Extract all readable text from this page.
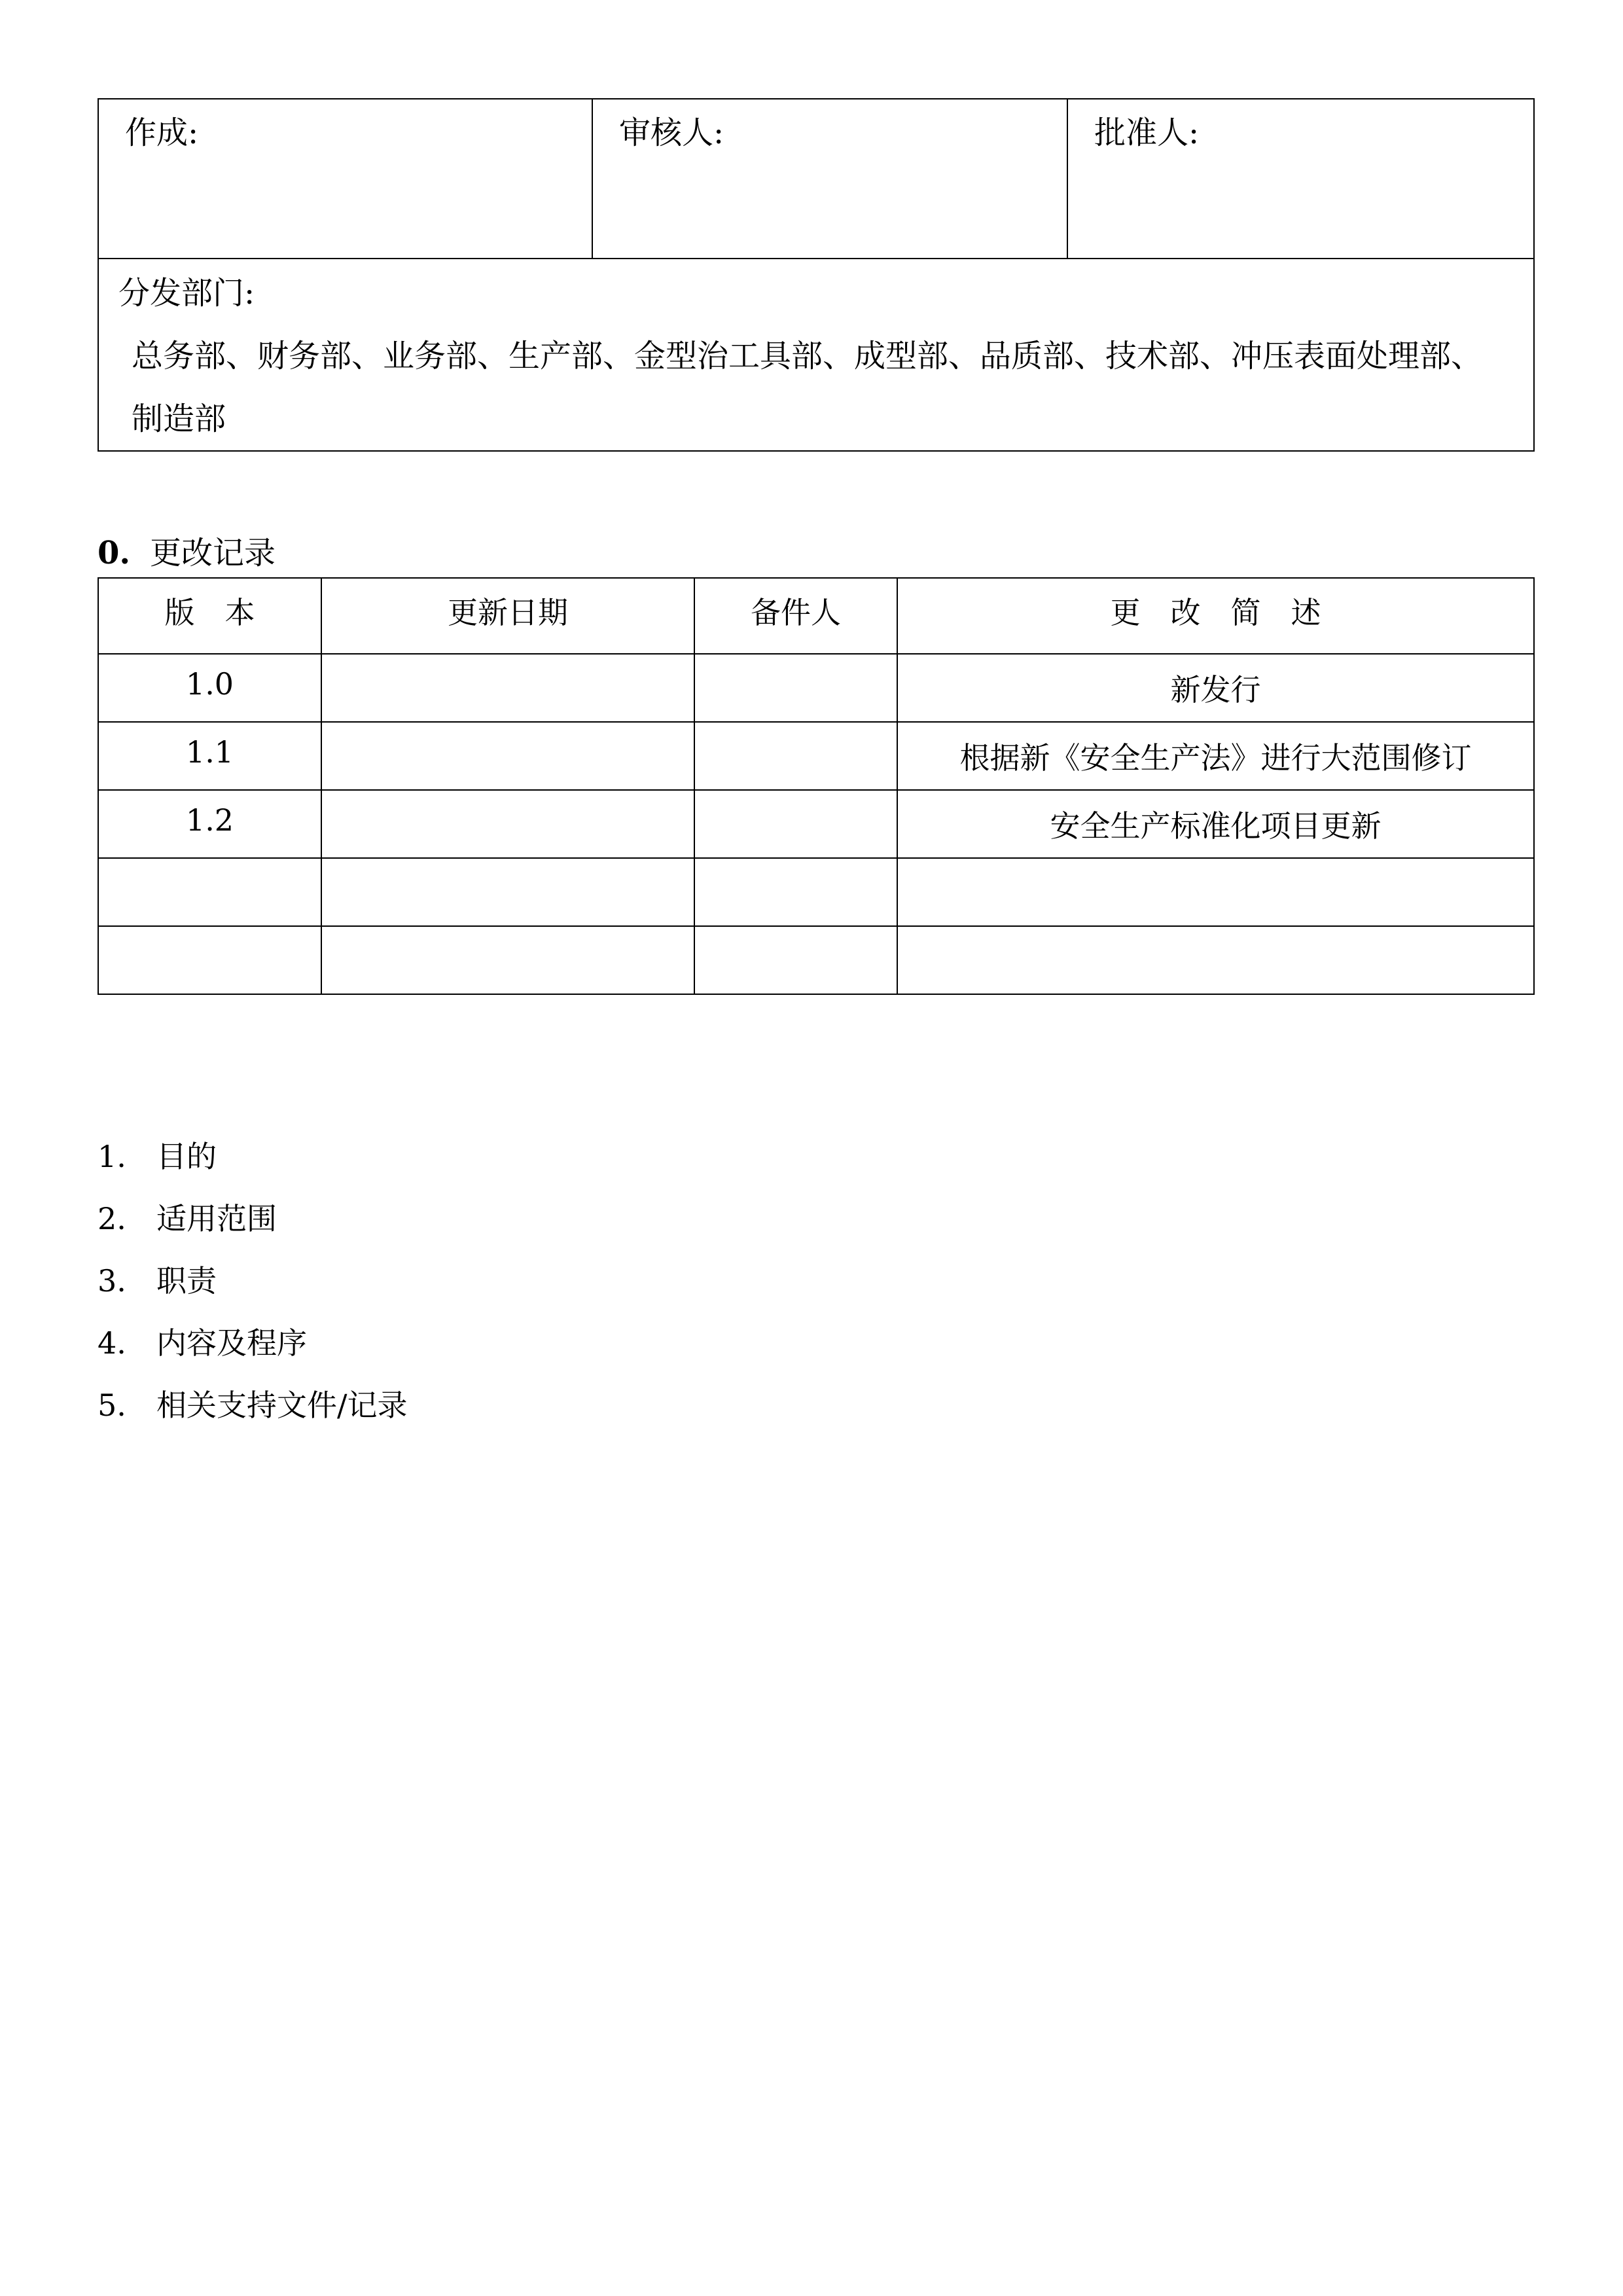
作成:	审核人:	批准人:

分发部门:
总务部、财务部、业务部、生产部、金型治工具部、成型部、品质部、技术部、冲压表面处理部、
制造部
0. 更改记录
版　本	更新日期	备件人	更　改　简　述
1.0			新发行
1.1			根据新《安全生产法》进行大范围修订
1.2			安全生产标准化项目更新

1. 目的
2. 适用范围
3. 职责
4. 内容及程序
5. 相关支持文件/记录
